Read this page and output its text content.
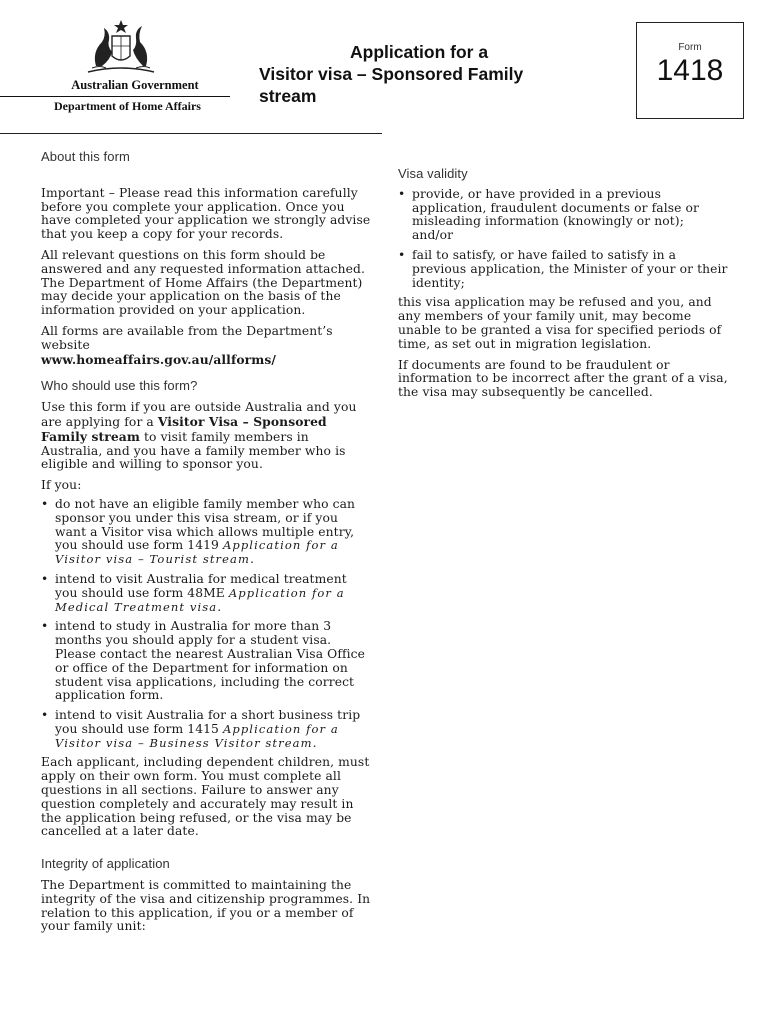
Australian Government
Department of Home Affairs
Application for a
Visitor visa – Sponsored Family
stream
Form
1418
About this form

Important – Please read this information carefully before you complete your application. Once you have completed your application we strongly advise that you keep a copy for your records.

All relevant questions on this form should be answered and any requested information attached. The Department of Home Affairs (the Department) may decide your application on the basis of the information provided on your application.

All forms are available from the Department’s website
www.homeaffairs.gov.au/allforms/

Who should use this form?

Use this form if you are outside Australia and you are applying for a Visitor Visa – Sponsored Family stream to visit family members in Australia, and you have a family member who is eligible and willing to sponsor you.

If you:

• do not have an eligible family member who can sponsor you under this visa stream, or if you want a Visitor visa which allows multiple entry, you should use form 1419 Application for a Visitor visa – Tourist stream.
• intend to visit Australia for medical treatment you should use form 48ME Application for a Medical Treatment visa.
• intend to study in Australia for more than 3 months you should apply for a student visa. Please contact the nearest Australian Visa Office or office of the Department for information on student visa applications, including the correct application form.
• intend to visit Australia for a short business trip you should use form 1415 Application for a Visitor visa – Business Visitor stream.

Each applicant, including dependent children, must apply on their own form. You must complete all questions in all sections. Failure to answer any question completely and accurately may result in the application being refused, or the visa may be cancelled at a later date.

Integrity of application

The Department is committed to maintaining the integrity of the visa and citizenship programmes. In relation to this application, if you or a member of your family unit:

Visa validity
• provide, or have provided in a previous application, fraudulent documents or false or misleading information (knowingly or not); and/or
• fail to satisfy, or have failed to satisfy in a previous application, the Minister of your or their identity;

this visa application may be refused and you, and any members of your family unit, may become unable to be granted a visa for specified periods of time, as set out in migration legislation.

If documents are found to be fraudulent or information to be incorrect after the grant of a visa, the visa may subsequently be cancelled.
